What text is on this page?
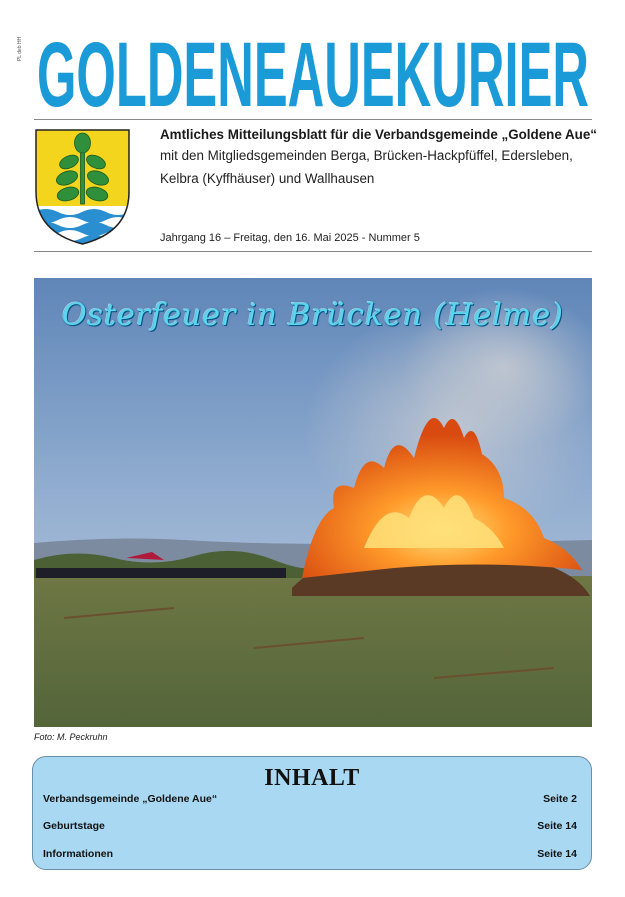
PL deb HH GOLDENEAUEKURIER
Amtliches Mitteilungsblatt für die Verbandsgemeinde „Goldene Aue“
mit den Mitgliedsgemeinden Berga, Brücken-Hackpfüffel, Edersleben,
Kelbra (Kyffhäuser) und Wallhausen
Jahrgang 16 – Freitag, den 16. Mai 2025 - Nummer 5
Osterfeuer in Brücken (Helme)
Foto: M. Peckruhn
INHALT
Verbandsgemeinde „Goldene Aue“	Seite 2
Geburtstage	Seite 14
Informationen	Seite 14
